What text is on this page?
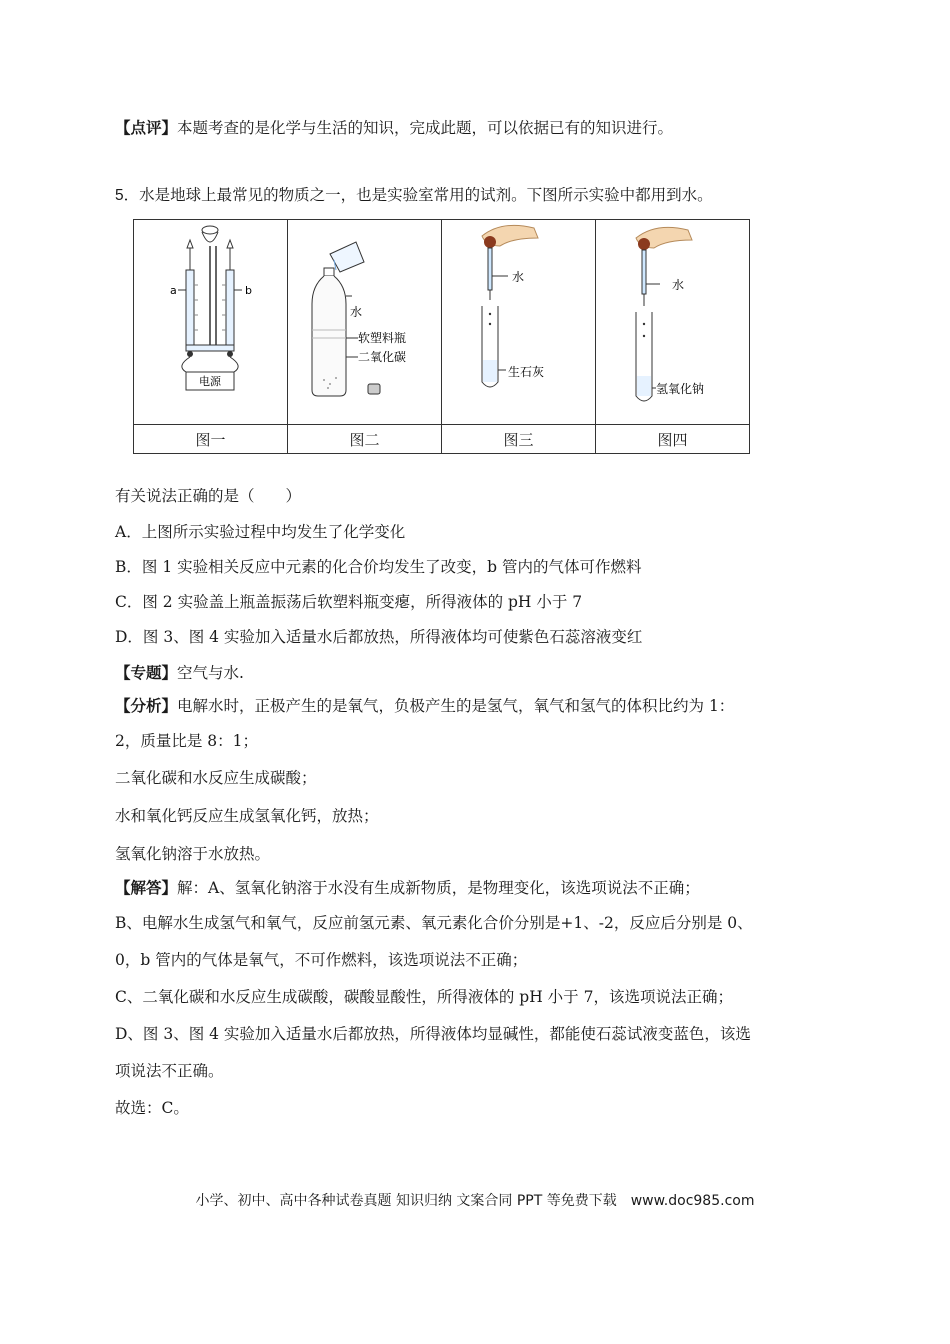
【点评】本题考查的是化学与生活的知识，完成此题，可以依据已有的知识进行。
5．水是地球上最常见的物质之一，也是实验室常用的试剂。下图所示实验中都用到水。
电源
a b	水
软塑料瓶
二氧化碳	水
生石灰	水
氢氧化钠

图一	图二	图三	图四
有关说法正确的是（　　）
A．上图所示实验过程中均发生了化学变化
B．图 1 实验相关反应中元素的化合价均发生了改变，b 管内的气体可作燃料
C．图 2 实验盖上瓶盖振荡后软塑料瓶变瘪，所得液体的 pH 小于 7
D．图 3、图 4 实验加入适量水后都放热，所得液体均可使紫色石蕊溶液变红
【专题】空气与水.
【分析】电解水时，正极产生的是氧气，负极产生的是氢气，氧气和氢气的体积比约为 1：
2，质量比是 8：1；
二氧化碳和水反应生成碳酸；
水和氧化钙反应生成氢氧化钙，放热；
氢氧化钠溶于水放热。
【解答】解：A、氢氧化钠溶于水没有生成新物质，是物理变化，该选项说法不正确；
B、电解水生成氢气和氧气，反应前氢元素、氧元素化合价分别是+1、-2，反应后分别是 0、
0，b 管内的气体是氧气，不可作燃料，该选项说法不正确；
C、二氧化碳和水反应生成碳酸，碳酸显酸性，所得液体的 pH 小于 7，该选项说法正确；
D、图 3、图 4 实验加入适量水后都放热，所得液体均显碱性，都能使石蕊试液变蓝色，该选
项说法不正确。
故选：C。
小学、初中、高中各种试卷真题 知识归纳 文案合同 PPT 等免费下载　www.doc985.com
